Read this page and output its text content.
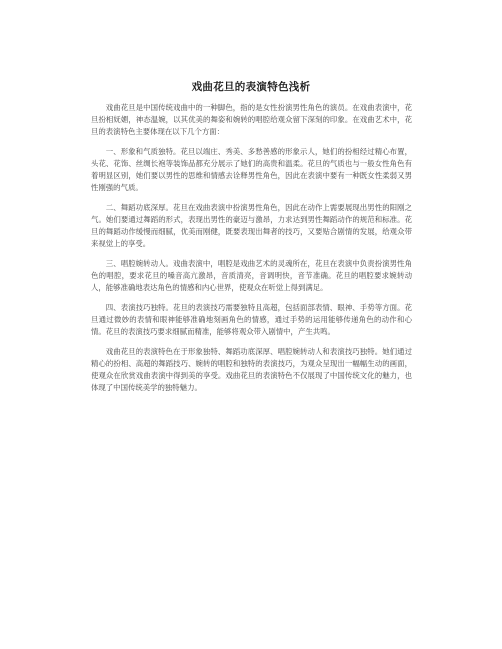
戏曲花旦的表演特色浅析

戏曲花旦是中国传统戏曲中的一种脚色，指的是女性扮演男性角色的演员。在戏曲表演中，花旦扮相妩媚，神态温婉，以其优美的舞姿和婉转的唱腔给观众留下深刻的印象。在戏曲艺术中，花旦的表演特色主要体现在以下几个方面：

一、形象和气质独特。花旦以端庄、秀美、多愁善感的形象示人，她们的扮相经过精心布置，头花、花饰、丝绸长袍等装饰品都充分展示了她们的高贵和温柔。花旦的气质也与一般女性角色有着明显区别，她们要以男性的思维和情感去诠释男性角色，因此在表演中要有一种既女性柔弱又男性刚强的气质。

二、舞蹈功底深厚。花旦在戏曲表演中扮演男性角色，因此在动作上需要展现出男性的阳刚之气。她们要通过舞蹈的形式，表现出男性的豪迈与激昂，力求达到男性舞蹈动作的规范和标准。花旦的舞蹈动作缓慢而细腻，优美而刚健，既要表现出舞者的技巧，又要贴合剧情的发展，给观众带来视觉上的享受。

三、唱腔婉转动人。戏曲表演中，唱腔是戏曲艺术的灵魂所在，花旦在表演中负责扮演男性角色的唱腔，要求花旦的嗓音高亢激昂，音质清亮，音调明快，音节准确。花旦的唱腔要求婉转动人，能够准确地表达角色的情感和内心世界，使观众在听觉上得到满足。

四、表演技巧独特。花旦的表演技巧需要独特且高超，包括面部表情、眼神、手势等方面。花旦通过微妙的表情和眼神能够准确地刻画角色的情感，通过手势的运用能够传递角色的动作和心情。花旦的表演技巧要求细腻而精准，能够将观众带入剧情中，产生共鸣。

戏曲花旦的表演特色在于形象独特、舞蹈功底深厚、唱腔婉转动人和表演技巧独特。她们通过精心的扮相、高超的舞蹈技巧、婉转的唱腔和独特的表演技巧，为观众呈现出一幅幅生动的画面，使观众在欣赏戏曲表演中得到美的享受。戏曲花旦的表演特色不仅展现了中国传统文化的魅力，也体现了中国传统美学的独特魅力。
